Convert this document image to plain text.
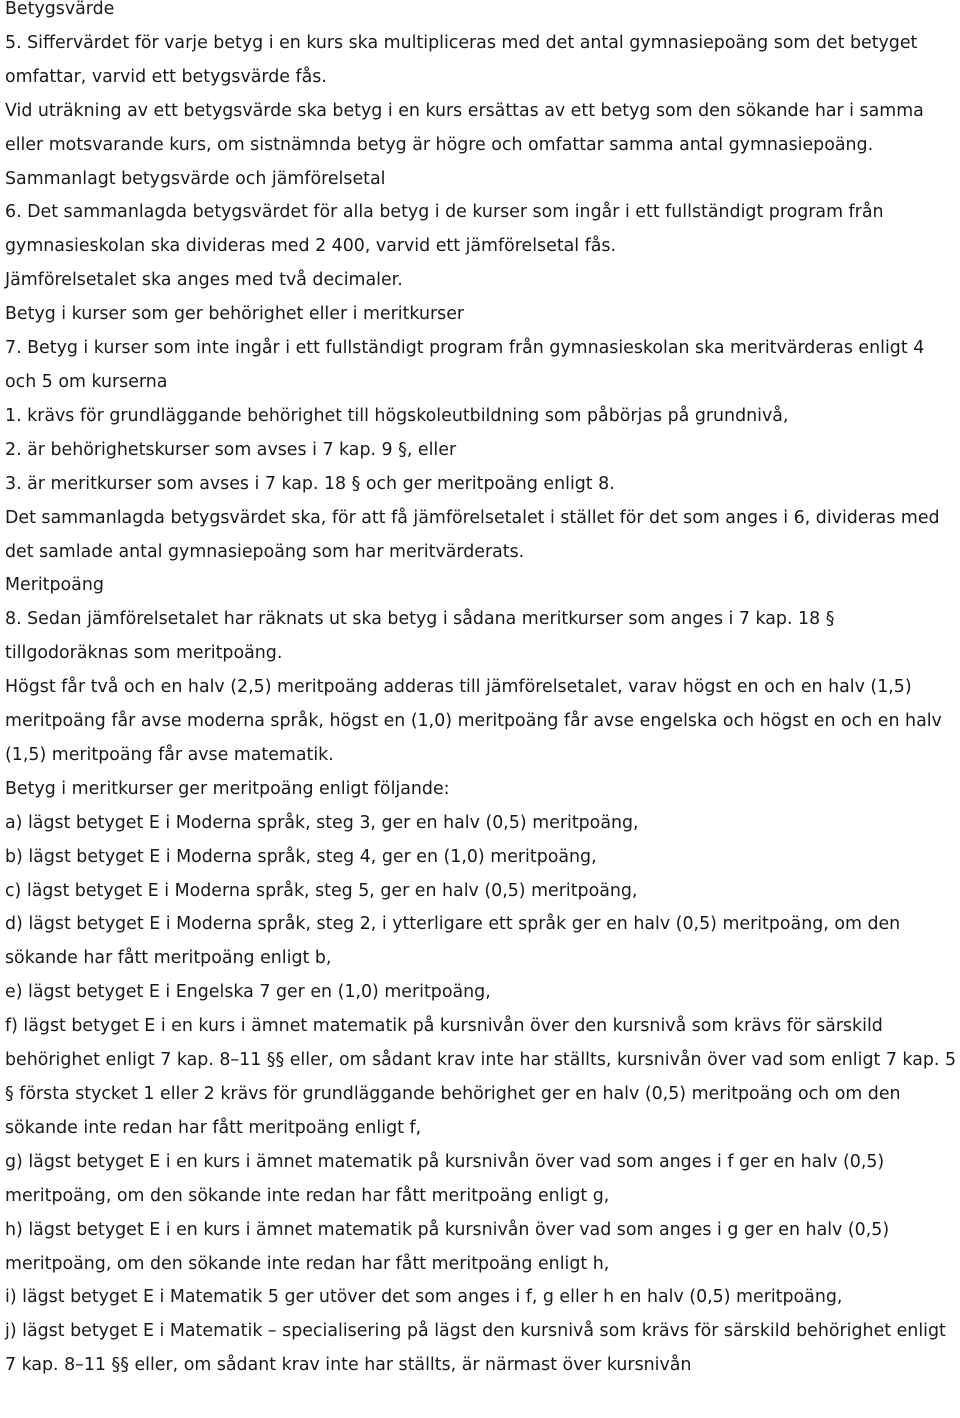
Betygsvärde

5. Siffervärdet för varje betyg i en kurs ska multipliceras med det antal gymnasiepoäng som det betyget omfattar, varvid ett betygsvärde fås.

Vid uträkning av ett betygsvärde ska betyg i en kurs ersättas av ett betyg som den sökande har i samma eller motsvarande kurs, om sistnämnda betyg är högre och omfattar samma antal gymnasiepoäng.

Sammanlagt betygsvärde och jämförelsetal

6. Det sammanlagda betygsvärdet för alla betyg i de kurser som ingår i ett fullständigt program från gymnasieskolan ska divideras med 2 400, varvid ett jämförelsetal fås.

Jämförelsetalet ska anges med två decimaler.

Betyg i kurser som ger behörighet eller i meritkurser

7. Betyg i kurser som inte ingår i ett fullständigt program från gymnasieskolan ska meritvärderas enligt 4 och 5 om kurserna

1. krävs för grundläggande behörighet till högskoleutbildning som påbörjas på grundnivå,

2. är behörighetskurser som avses i 7 kap. 9 §, eller

3. är meritkurser som avses i 7 kap. 18 § och ger meritpoäng enligt 8.

Det sammanlagda betygsvärdet ska, för att få jämförelsetalet i stället för det som anges i 6, divideras med det samlade antal gymnasiepoäng som har meritvärderats.

Meritpoäng

8. Sedan jämförelsetalet har räknats ut ska betyg i sådana meritkurser som anges i 7 kap. 18 § tillgodoräknas som meritpoäng.

Högst får två och en halv (2,5) meritpoäng adderas till jämförelsetalet, varav högst en och en halv (1,5) meritpoäng får avse moderna språk, högst en (1,0) meritpoäng får avse engelska och högst en och en halv (1,5) meritpoäng får avse matematik.

Betyg i meritkurser ger meritpoäng enligt följande:

a) lägst betyget E i Moderna språk, steg 3, ger en halv (0,5) meritpoäng,

b) lägst betyget E i Moderna språk, steg 4, ger en (1,0) meritpoäng,

c) lägst betyget E i Moderna språk, steg 5, ger en halv (0,5) meritpoäng,

d) lägst betyget E i Moderna språk, steg 2, i ytterligare ett språk ger en halv (0,5) meritpoäng, om den sökande har fått meritpoäng enligt b,

e) lägst betyget E i Engelska 7 ger en (1,0) meritpoäng,

f) lägst betyget E i en kurs i ämnet matematik på kursnivån över den kursnivå som krävs för särskild behörighet enligt 7 kap. 8–11 §§ eller, om sådant krav inte har ställts, kursnivån över vad som enligt 7 kap. 5 § första stycket 1 eller 2 krävs för grundläggande behörighet ger en halv (0,5) meritpoäng och om den sökande inte redan har fått meritpoäng enligt f,

g) lägst betyget E i en kurs i ämnet matematik på kursnivån över vad som anges i f ger en halv (0,5) meritpoäng, om den sökande inte redan har fått meritpoäng enligt g,

h) lägst betyget E i en kurs i ämnet matematik på kursnivån över vad som anges i g ger en halv (0,5) meritpoäng, om den sökande inte redan har fått meritpoäng enligt h,

i) lägst betyget E i Matematik 5 ger utöver det som anges i f, g eller h en halv (0,5) meritpoäng,

j) lägst betyget E i Matematik – specialisering på lägst den kursnivå som krävs för särskild behörighet enligt 7 kap. 8–11 §§ eller, om sådant krav inte har ställts, är närmast över kursnivån
